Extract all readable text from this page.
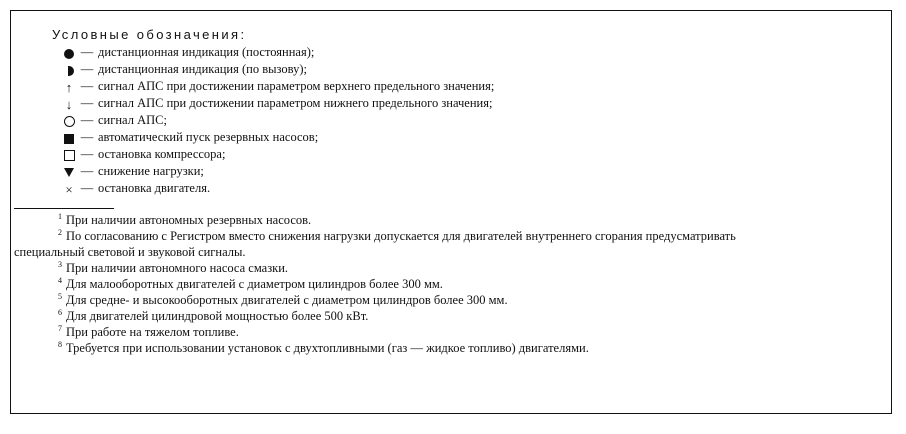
Условные обозначения:
— дистанционная индикация (постоянная);
— дистанционная индикация (по вызову);
↑ — сигнал АПС при достижении параметром верхнего предельного значения;
↓ — сигнал АПС при достижении параметром нижнего предельного значения;
— сигнал АПС;
— автоматический пуск резервных насосов;
— остановка компрессора;
— снижение нагрузки;
× — остановка двигателя.
$^1$ При наличии автономных резервных насосов.
$^2$ По согласованию с Регистром вместо снижения нагрузки допускается для двигателей внутреннего сгорания предусматривать
специальный световой и звуковой сигналы.
$^3$ При наличии автономного насоса смазки.
$^4$ Для малооборотных двигателей с диаметром цилиндров более 300 мм.
$^5$ Для средне- и высокооборотных двигателей с диаметром цилиндров более 300 мм.
$^6$ Для двигателей цилиндровой мощностью более 500 кВт.
$^7$ При работе на тяжелом топливе.
$^8$ Требуется при использовании установок с двухтопливными (газ — жидкое топливо) двигателями.
